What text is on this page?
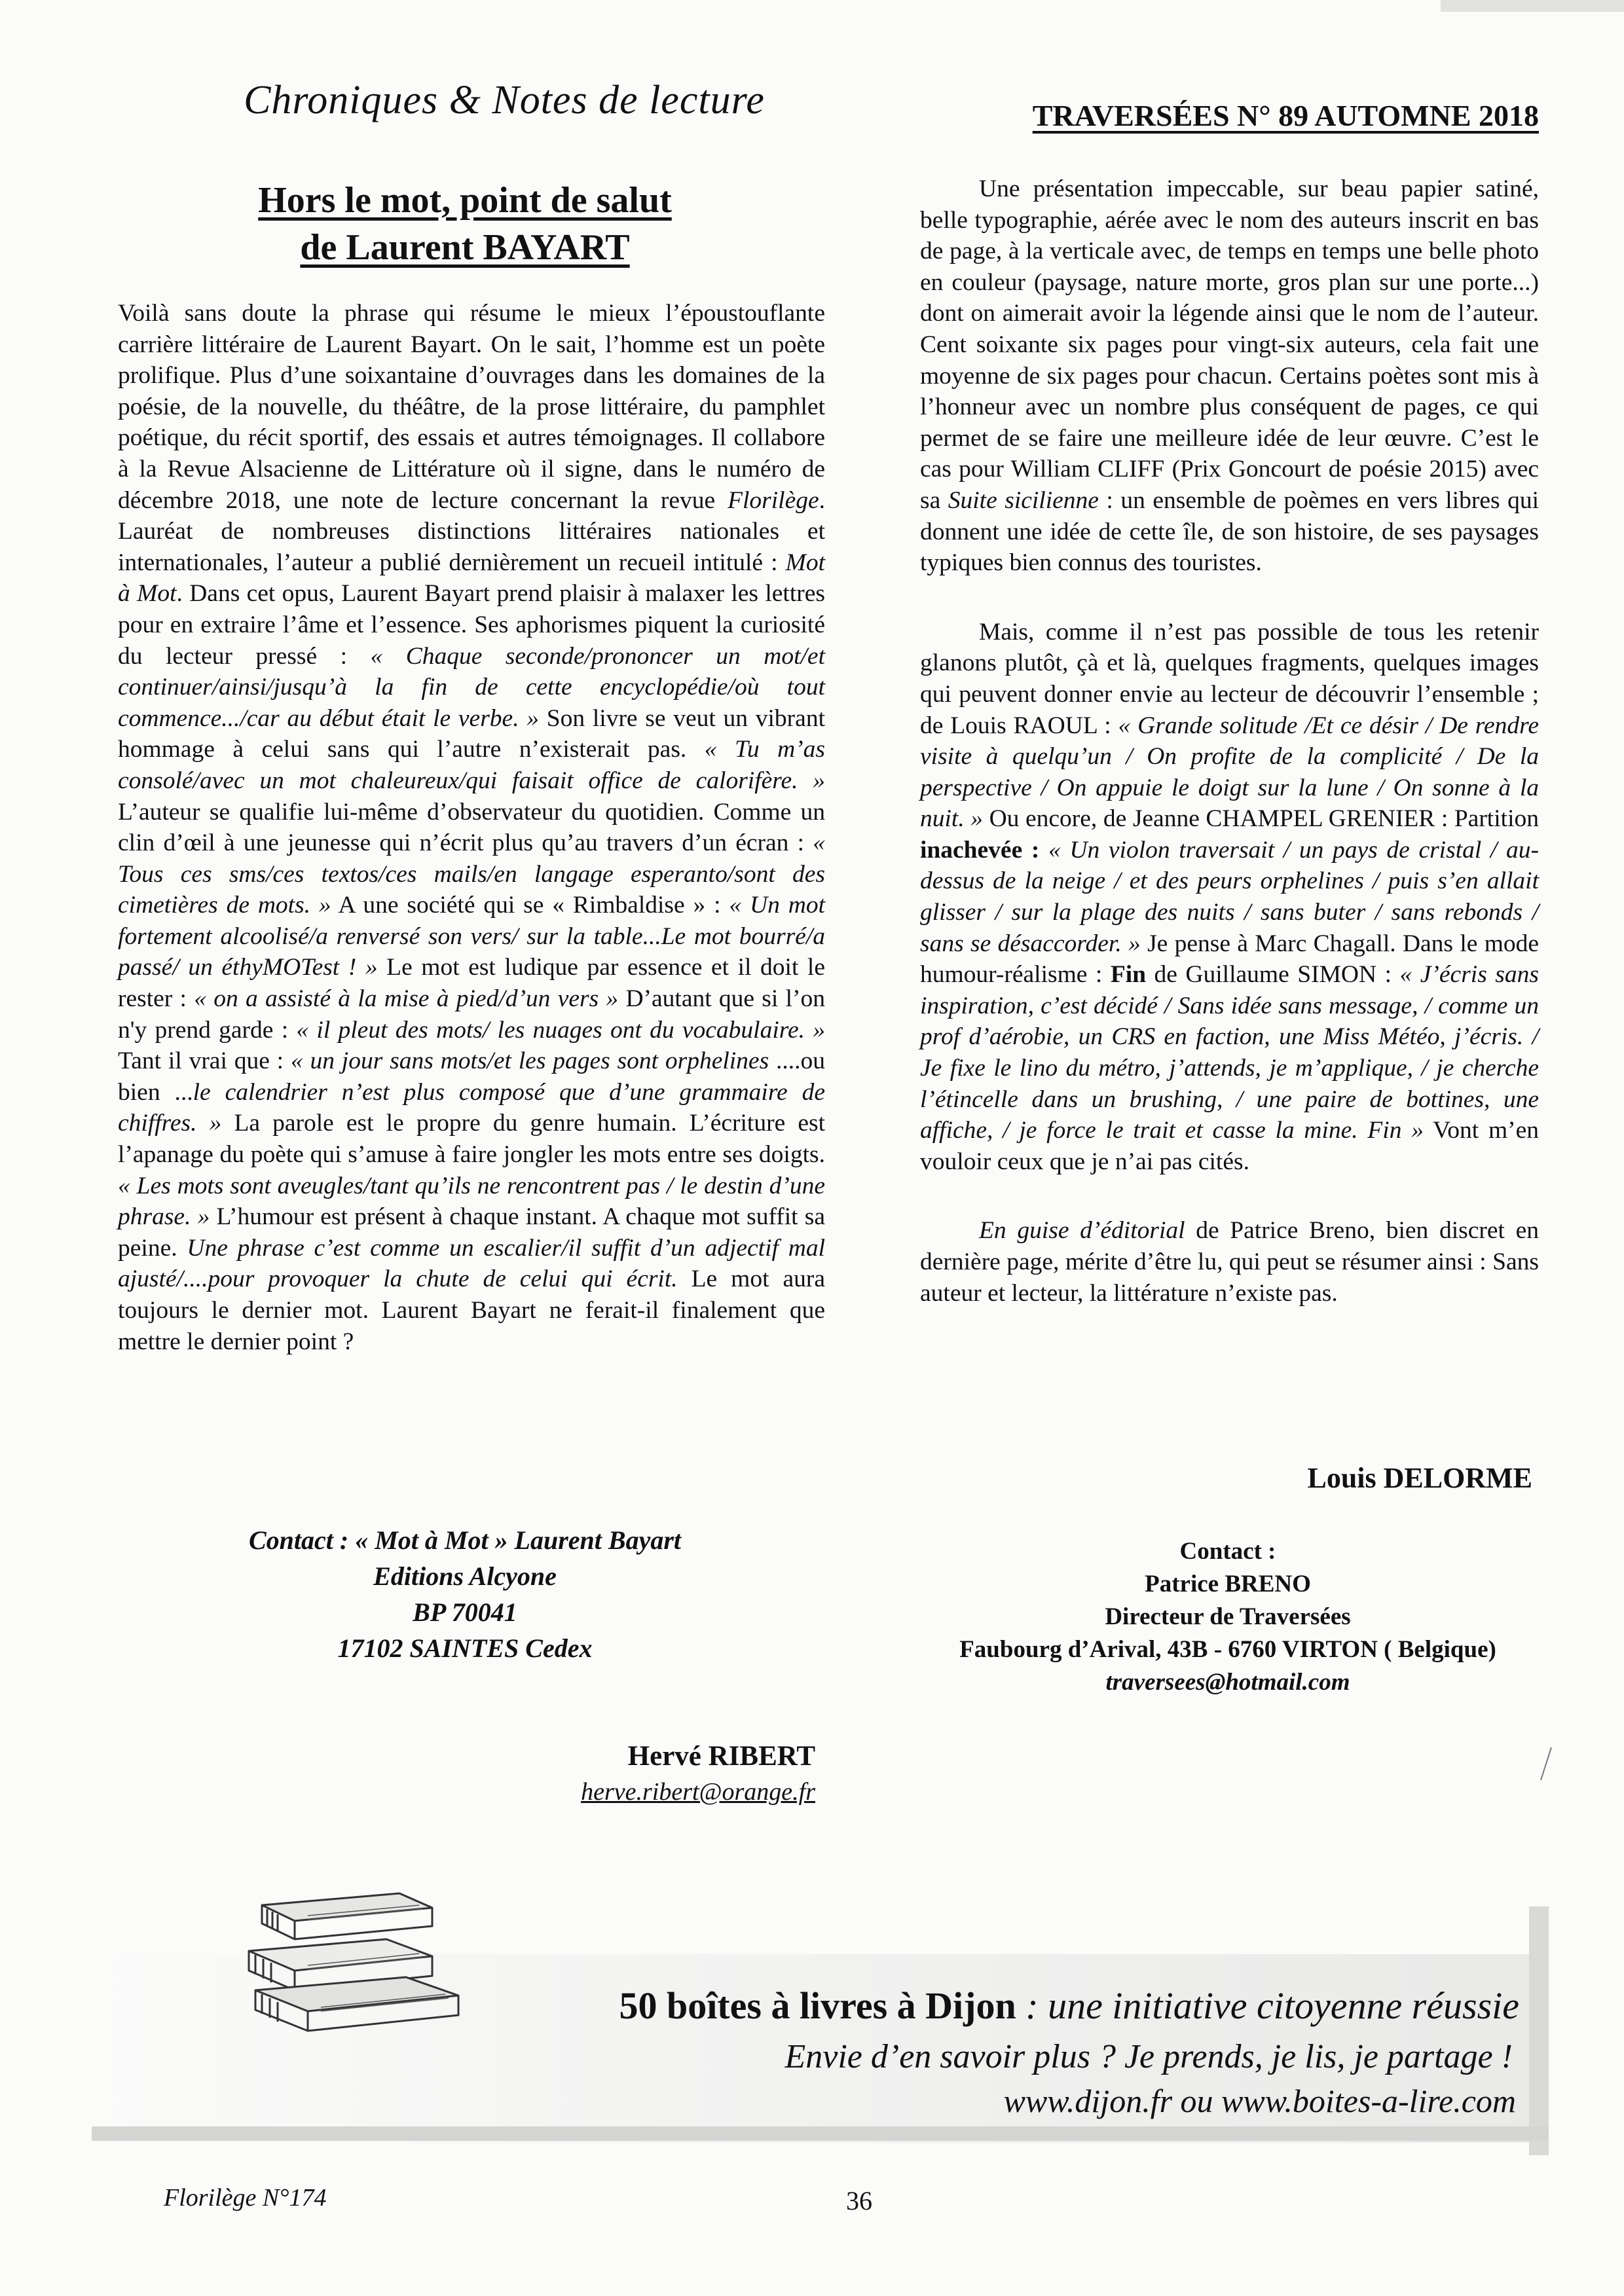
Chroniques & Notes de lecture	TRAVERSÉES N° 89 AUTOMNE 2018
Hors le mot, point de salut
de Laurent BAYART

Voilà sans doute la phrase qui résume le mieux l’époustouflante carrière littéraire de Laurent Bayart. On le sait, l’homme est un poète prolifique. Plus d’une soixantaine d’ouvrages dans les domaines de la poésie, de la nouvelle, du théâtre, de la prose littéraire, du pamphlet poétique, du récit sportif, des essais et autres témoignages. Il collabore à la Revue Alsacienne de Littérature où il signe, dans le numéro de décembre 2018, une note de lecture concernant la revue Florilège. Lauréat de nombreuses distinctions littéraires nationales et internationales, l’auteur a publié dernièrement un recueil intitulé : Mot à Mot. Dans cet opus, Laurent Bayart prend plaisir à malaxer les lettres pour en extraire l’âme et l’essence. Ses aphorismes piquent la curiosité du lecteur pressé : « Chaque seconde/prononcer un mot/et continuer/ainsi/jusqu’à la fin de cette encyclopédie/où tout commence.../car au début était le verbe. » Son livre se veut un vibrant hommage à celui sans qui l’autre n’existerait pas. « Tu m’as consolé/avec un mot chaleureux/qui faisait office de calorifère. » L’auteur se qualifie lui-même d’observateur du quotidien. Comme un clin d’œil à une jeunesse qui n’écrit plus qu’au travers d’un écran : « Tous ces sms/ces textos/ces mails/en langage esperanto/sont des cimetières de mots. » A une société qui se « Rimbaldise » : « Un mot fortement alcoolisé/a renversé son vers/ sur la table...Le mot bourré/a passé/ un éthyMOTest ! » Le mot est ludique par essence et il doit le rester : « on a assisté à la mise à pied/d’un vers » D’autant que si l’on n'y prend garde : « il pleut des mots/ les nuages ont du vocabulaire. » Tant il vrai que : « un jour sans mots/et les pages sont orphelines ....ou bien ...le calendrier n’est plus composé que d’une grammaire de chiffres. » La parole est le propre du genre humain. L’écriture est l’apanage du poète qui s’amuse à faire jongler les mots entre ses doigts. « Les mots sont aveugles/tant qu’ils ne rencontrent pas / le destin d’une phrase. » L’humour est présent à chaque instant. A chaque mot suffit sa peine. Une phrase c’est comme un escalier/il suffit d’un adjectif mal ajusté/....pour provoquer la chute de celui qui écrit. Le mot aura toujours le dernier mot. Laurent Bayart ne ferait-il finalement que mettre le dernier point ?

Contact : « Mot à Mot » Laurent Bayart
Editions Alcyone
BP 70041
17102 SAINTES Cedex
Hervé RIBERT
herve.ribert@orange.fr

Une présentation impeccable, sur beau papier satiné, belle typographie, aérée avec le nom des auteurs inscrit en bas de page, à la verticale avec, de temps en temps une belle photo en couleur (paysage, nature morte, gros plan sur une porte...) dont on aimerait avoir la légende ainsi que le nom de l’auteur. Cent soixante six pages pour vingt-six auteurs, cela fait une moyenne de six pages pour chacun. Certains poètes sont mis à l’honneur avec un nombre plus conséquent de pages, ce qui permet de se faire une meilleure idée de leur œuvre. C’est le cas pour William CLIFF (Prix Goncourt de poésie 2015) avec sa Suite sicilienne : un ensemble de poèmes en vers libres qui donnent une idée de cette île, de son histoire, de ses paysages typiques bien connus des touristes.

Mais, comme il n’est pas possible de tous les retenir glanons plutôt, çà et là, quelques fragments, quelques images qui peuvent donner envie au lecteur de découvrir l’ensemble ; de Louis RAOUL : « Grande solitude /Et ce désir / De rendre visite à quelqu’un / On profite de la complicité / De la perspective / On appuie le doigt sur la lune / On sonne à la nuit. » Ou encore, de Jeanne CHAMPEL GRENIER : Partition inachevée : « Un violon traversait / un pays de cristal / au-dessus de la neige / et des peurs orphelines / puis s’en allait glisser / sur la plage des nuits / sans buter / sans rebonds / sans se désaccorder. » Je pense à Marc Chagall. Dans le mode humour-réalisme : Fin de Guillaume SIMON : « J’écris sans inspiration, c’est décidé / Sans idée sans message, / comme un prof d’aérobie, un CRS en faction, une Miss Météo, j’écris. / Je fixe le lino du métro, j’attends, je m’applique, / je cherche l’étincelle dans un brushing, / une paire de bottines, une affiche, / je force le trait et casse la mine. Fin » Vont m’en vouloir ceux que je n’ai pas cités.

En guise d’éditorial de Patrice Breno, bien discret en dernière page, mérite d’être lu, qui peut se résumer ainsi : Sans auteur et lecteur, la littérature n’existe pas.

Louis DELORME
Contact :
Patrice BRENO
Directeur de Traversées
Faubourg d’Arival, 43B - 6760 VIRTON ( Belgique)
traversees@hotmail.com
50 boîtes à livres à Dijon : une initiative citoyenne réussie
Envie d’en savoir plus ? Je prends, je lis, je partage !
www.dijon.fr ou www.boites-a-lire.com
Florilège N°174	36
